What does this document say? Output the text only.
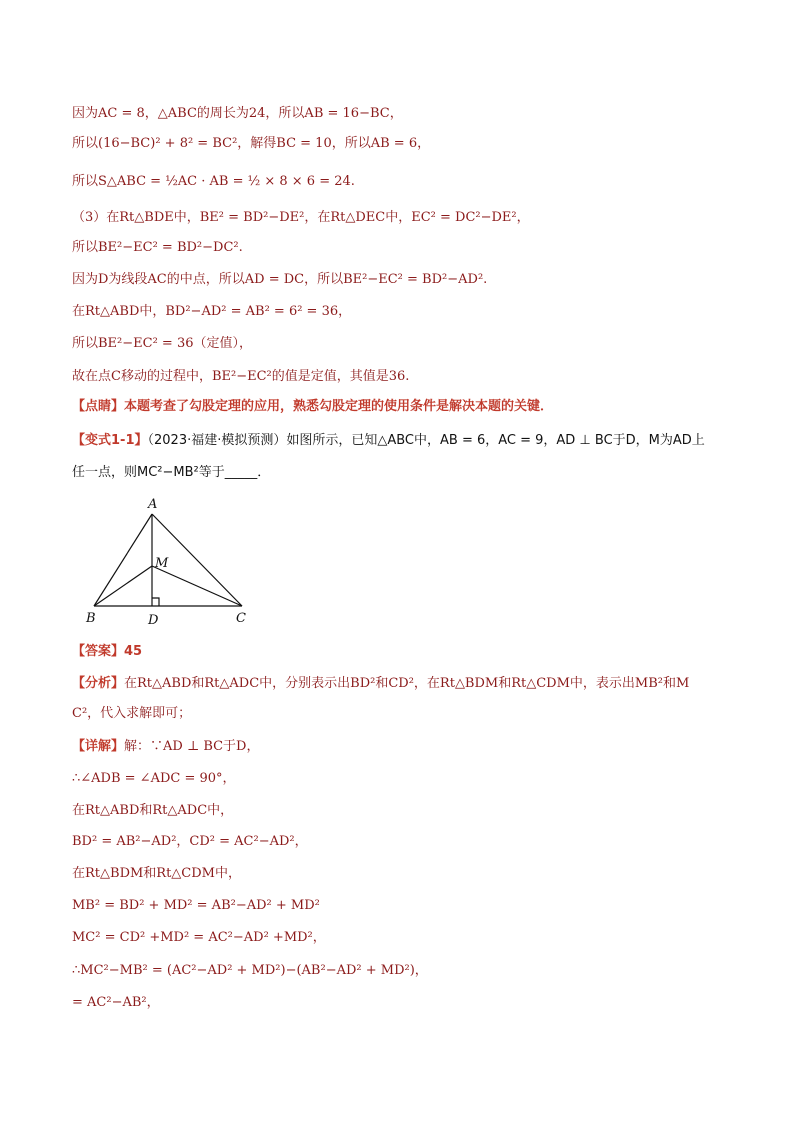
因为AC = 8，△ABC的周长为24，所以AB = 16−BC，
所以(16−BC)² + 8² = BC²，解得BC = 10，所以AB = 6，
所以S△ABC = ½AC · AB = ½ × 8 × 6 = 24.
（3）在Rt△BDE中，BE² = BD²−DE²，在Rt△DEC中，EC² = DC²−DE²，
所以BE²−EC² = BD²−DC².
因为D为线段AC的中点，所以AD = DC，所以BE²−EC² = BD²−AD².
在Rt△ABD中，BD²−AD² = AB² = 6² = 36，
所以BE²−EC² = 36（定值），
故在点C移动的过程中，BE²−EC²的值是定值，其值是36.
【点睛】本题考查了勾股定理的应用，熟悉勾股定理的使用条件是解决本题的关键．
【变式1-1】（2023·福建·模拟预测）如图所示，已知△ABC中，AB = 6，AC = 9，AD ⊥ BC于D，M为AD上
任一点，则MC²−MB²等于_____．
A
M
B	D	C
【答案】45
【分析】在Rt△ABD和Rt△ADC中，分别表示出BD²和CD²，在Rt△BDM和Rt△CDM中，表示出MB²和M
C²，代入求解即可；
【详解】解：∵AD ⊥ BC于D，
∴∠ADB = ∠ADC = 90°，
在Rt△ABD和Rt△ADC中，
BD² = AB²−AD²，CD² = AC²−AD²，
在Rt△BDM和Rt△CDM中，
MB² = BD² + MD² = AB²−AD² + MD²
MC² = CD² +MD² = AC²−AD² +MD²，
∴MC²−MB² = (AC²−AD² + MD²)−(AB²−AD² + MD²)，
= AC²−AB²，
